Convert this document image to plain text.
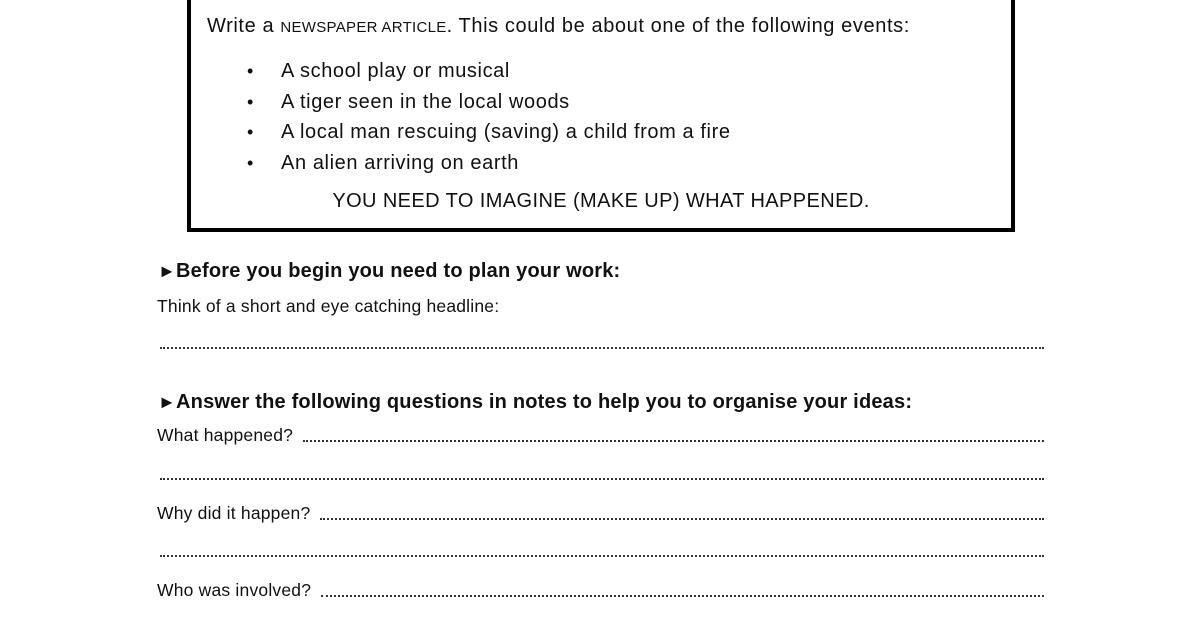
Write a NEWSPAPER ARTICLE. This could be about one of the following events:

• A school play or musical
• A tiger seen in the local woods
• A local man rescuing (saving) a child from a fire
• An alien arriving on earth
YOU NEED TO IMAGINE (MAKE UP) WHAT HAPPENED.

►Before you begin you need to plan your work:

Think of a short and eye catching headline:

►Answer the following questions in notes to help you to organise your ideas:

What happened?
Why did it happen?
Who was involved?
